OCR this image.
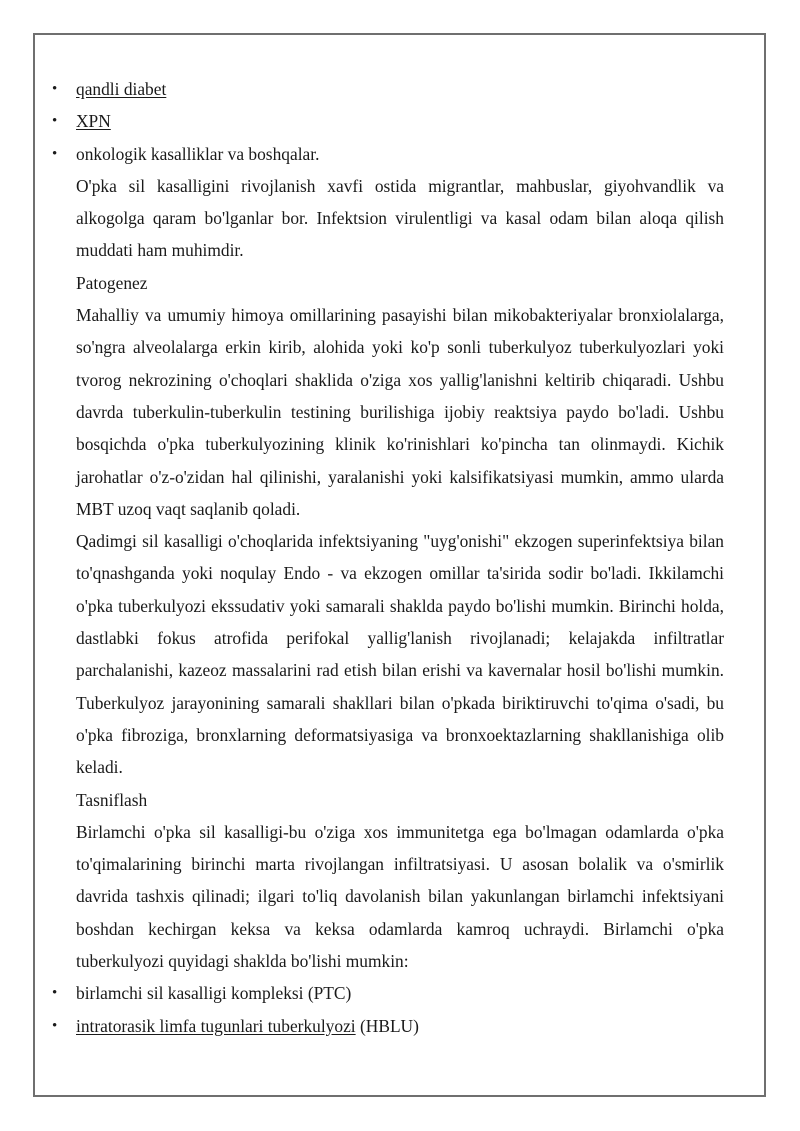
• qandli diabet
• XPN
• onkologik kasalliklar va boshqalar.

O'pka sil kasalligini rivojlanish xavfi ostida migrantlar, mahbuslar, giyohvandlik va alkogolga qaram bo'lganlar bor. Infektsion virulentligi va kasal odam bilan aloqa qilish muddati ham muhimdir.

Patogenez

Mahalliy va umumiy himoya omillarining pasayishi bilan mikobakteriyalar bronxiolalarga, so'ngra alveolalarga erkin kirib, alohida yoki ko'p sonli tuberkulyoz tuberkulyozlari yoki tvorog nekrozining o'choqlari shaklida o'ziga xos yallig'lanishni keltirib chiqaradi. Ushbu davrda tuberkulin-tuberkulin testining burilishiga ijobiy reaktsiya paydo bo'ladi. Ushbu bosqichda o'pka tuberkulyozining klinik ko'rinishlari ko'pincha tan olinmaydi. Kichik jarohatlar o'z-o'zidan hal qilinishi, yaralanishi yoki kalsifikatsiyasi mumkin, ammo ularda MBT uzoq vaqt saqlanib qoladi.

Qadimgi sil kasalligi o'choqlarida infektsiyaning "uyg'onishi" ekzogen superinfektsiya bilan to'qnashganda yoki noqulay Endo - va ekzogen omillar ta'sirida sodir bo'ladi. Ikkilamchi o'pka tuberkulyozi ekssudativ yoki samarali shaklda paydo bo'lishi mumkin. Birinchi holda, dastlabki fokus atrofida perifokal yallig'lanish rivojlanadi; kelajakda infiltratlar parchalanishi, kazeoz massalarini rad etish bilan erishi va kavernalar hosil bo'lishi mumkin. Tuberkulyoz jarayonining samarali shakllari bilan o'pkada biriktiruvchi to'qima o'sadi, bu o'pka fibroziga, bronxlarning deformatsiyasiga va bronxoektazlarning shakllanishiga olib keladi.

Tasniflash

Birlamchi o'pka sil kasalligi-bu o'ziga xos immunitetga ega bo'lmagan odamlarda o'pka to'qimalarining birinchi marta rivojlangan infiltratsiyasi. U asosan bolalik va o'smirlik davrida tashxis qilinadi; ilgari to'liq davolanish bilan yakunlangan birlamchi infektsiyani boshdan kechirgan keksa va keksa odamlarda kamroq uchraydi. Birlamchi o'pka tuberkulyozi quyidagi shaklda bo'lishi mumkin:

• birlamchi sil kasalligi kompleksi (PTC)
• intratorasik limfa tugunlari tuberkulyozi (HBLU)
